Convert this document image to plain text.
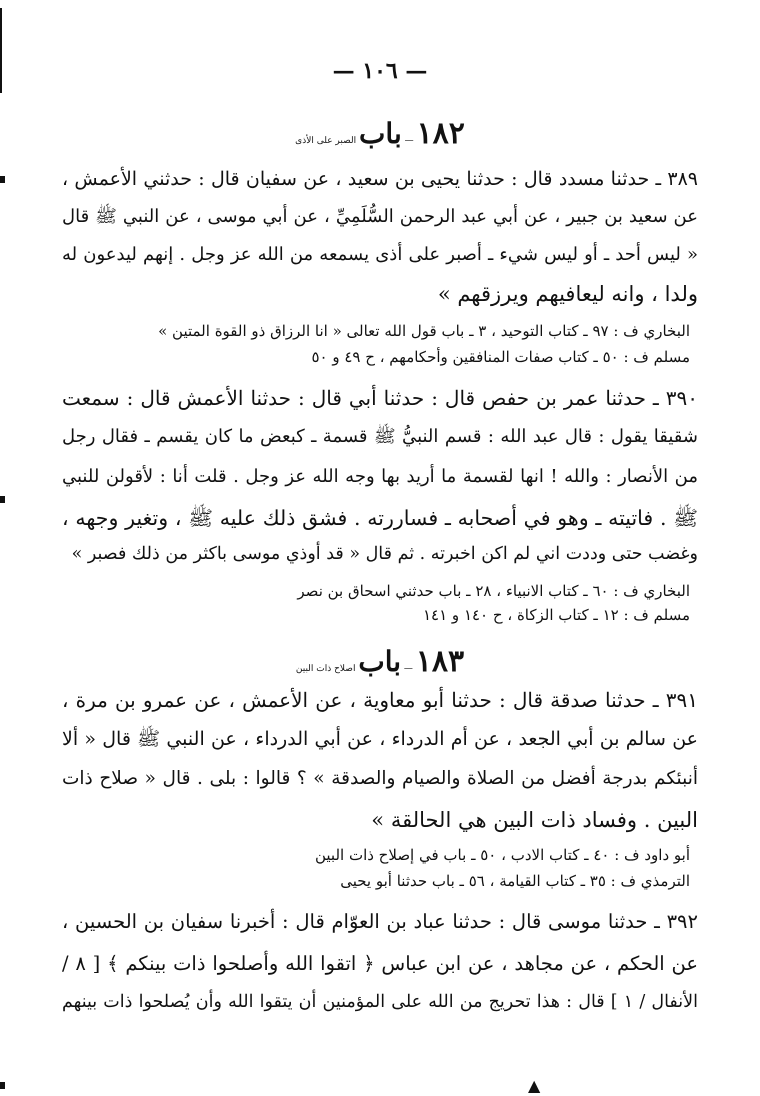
— ١٠٦ —
١٨٢ — باب الصبر على الأذى
٣٨٩ ـ حدثنا مسدد قال : حدثنا يحيى بن سعيد ، عن سفيان قال : حدثني الأعمش ،
عن سعيد بن جبير ، عن أبي عبد الرحمن السُّلَمِيِّ ، عن أبي موسى ، عن النبي ﷺ قال
« ليس أحد ـ أو ليس شيء ـ أصبر على أذى يسمعه من الله عز وجل . إنهم ليدعون له
ولدا ، وانه ليعافيهم ويرزقهم »
البخاري ف : ٩٧ ـ كتاب التوحيد ، ٣ ـ باب قول الله تعالى « انا الرزاق ذو القوة المتين »
مسلم ف : ٥٠ ـ كتاب صفات المنافقين وأحكامهم ، ح ٤٩ و ٥٠
٣٩٠ ـ حدثنا عمر بن حفص قال : حدثنا أبي قال : حدثنا الأعمش قال : سمعت
شقيقا يقول : قال عبد الله : قسم النبيُّ ﷺ قسمة ـ كبعض ما كان يقسم ـ فقال رجل
من الأنصار : والله ! انها لقسمة ما أريد بها وجه الله عز وجل . قلت أنا : لأقولن للنبي
ﷺ . فاتيته ـ وهو في أصحابه ـ فساررته . فشق ذلك عليه ﷺ ، وتغير وجهه ،
وغضب حتى وددت اني لم اكن اخبرته . ثم قال « قد أوذي موسى باكثر من ذلك فصبر »
البخاري ف : ٦٠ ـ كتاب الانبياء ، ٢٨ ـ باب حدثني اسحاق بن نصر
مسلم ف : ١٢ ـ كتاب الزكاة ، ح ١٤٠ و ١٤١
١٨٣ — باب اصلاح ذات البين
٣٩١ ـ حدثنا صدقة قال : حدثنا أبو معاوية ، عن الأعمش ، عن عمرو بن مرة ،
عن سالم بن أبي الجعد ، عن أم الدرداء ، عن أبي الدرداء ، عن النبي ﷺ قال « ألا
أنبئكم بدرجة أفضل من الصلاة والصيام والصدقة » ؟ قالوا : بلى . قال « صلاح ذات
البين . وفساد ذات البين هي الحالقة »
أبو داود ف : ٤٠ ـ كتاب الادب ، ٥٠ ـ باب في إصلاح ذات البين
الترمذي ف : ٣٥ ـ كتاب القيامة ، ٥٦ ـ باب حدثنا أبو يحيى
٣٩٢ ـ حدثنا موسى قال : حدثنا عباد بن العوّام قال : أخبرنا سفيان بن الحسين ،
عن الحكم ، عن مجاهد ، عن ابن عباس ﴿ اتقوا الله وأصلحوا ذات بينكم ﴾ [ ٨ /
الأنفال / ١ ] قال : هذا تحريج من الله على المؤمنين أن يتقوا الله وأن يُصلحوا ذات بينهم
▲
